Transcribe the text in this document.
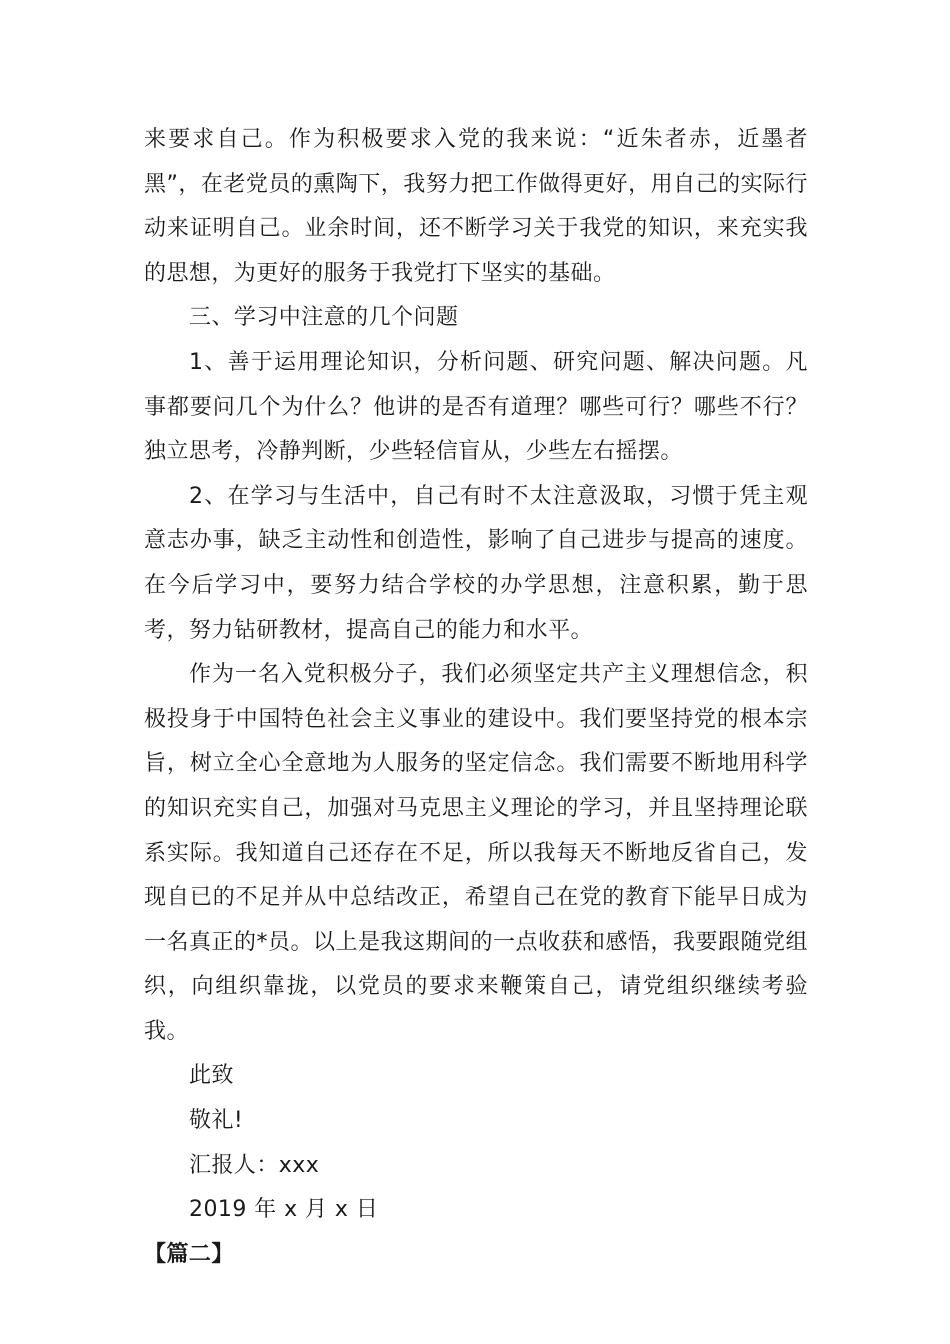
来要求自己。作为积极要求入党的我来说：“近朱者赤，近墨者黑”，在老党员的熏陶下，我努力把工作做得更好，用自己的实际行动来证明自己。业余时间，还不断学习关于我党的知识，来充实我的思想，为更好的服务于我党打下坚实的基础。

三、学习中注意的几个问题

1、善于运用理论知识，分析问题、研究问题、解决问题。凡事都要问几个为什么？他讲的是否有道理？哪些可行？哪些不行？独立思考，冷静判断，少些轻信盲从，少些左右摇摆。

2、在学习与生活中，自己有时不太注意汲取，习惯于凭主观意志办事，缺乏主动性和创造性，影响了自己进步与提高的速度。在今后学习中，要努力结合学校的办学思想，注意积累，勤于思考，努力钻研教材，提高自己的能力和水平。

作为一名入党积极分子，我们必须坚定共产主义理想信念，积极投身于中国特色社会主义事业的建设中。我们要坚持党的根本宗旨，树立全心全意地为人服务的坚定信念。我们需要不断地用科学的知识充实自己，加强对马克思主义理论的学习，并且坚持理论联系实际。我知道自己还存在不足，所以我每天不断地反省自己，发现自已的不足并从中总结改正，希望自己在党的教育下能早日成为一名真正的*员。以上是我这期间的一点收获和感悟，我要跟随党组织，向组织靠拢，以党员的要求来鞭策自己，请党组织继续考验我。

此致

敬礼!

汇报人：xxx

2019 年 x 月 x 日

【篇二】
